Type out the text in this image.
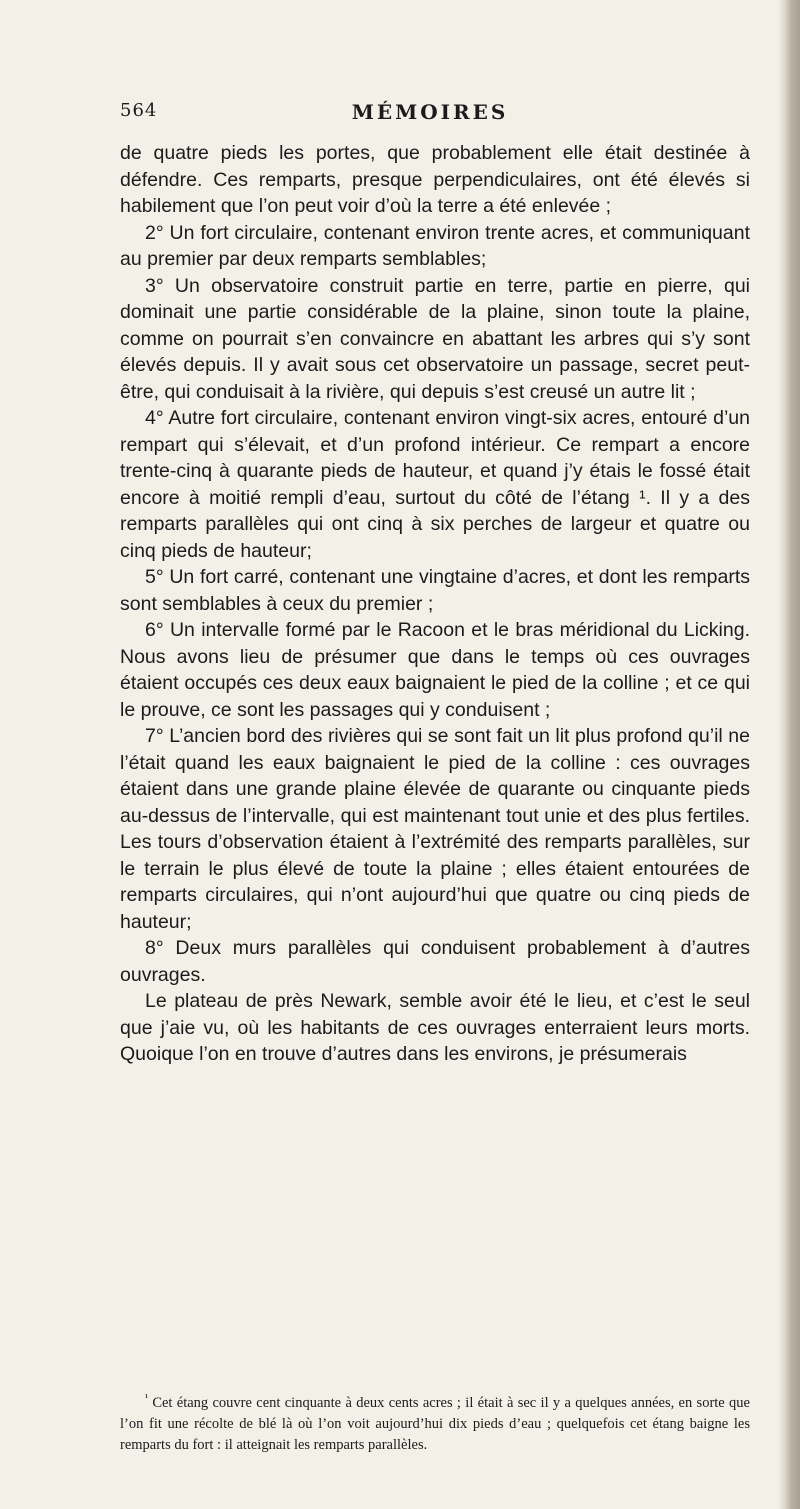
564	MÉMOIRES

de quatre pieds les portes, que probablement elle était destinée à défendre. Ces remparts, presque perpendiculaires, ont été élevés si habilement que l’on peut voir d’où la terre a été enlevée ;

2° Un fort circulaire, contenant environ trente acres, et communiquant au premier par deux remparts semblables;

3° Un observatoire construit partie en terre, partie en pierre, qui dominait une partie considérable de la plaine, sinon toute la plaine, comme on pourrait s’en convaincre en abattant les arbres qui s’y sont élevés depuis. Il y avait sous cet observatoire un passage, secret peut-être, qui conduisait à la rivière, qui depuis s’est creusé un autre lit ;

4° Autre fort circulaire, contenant environ vingt-six acres, entouré d’un rempart qui s’élevait, et d’un profond intérieur. Ce rempart a encore trente-cinq à quarante pieds de hauteur, et quand j’y étais le fossé était encore à moitié rempli d’eau, surtout du côté de l’étang ¹. Il y a des remparts parallèles qui ont cinq à six perches de largeur et quatre ou cinq pieds de hauteur;

5° Un fort carré, contenant une vingtaine d’acres, et dont les remparts sont semblables à ceux du premier ;

6° Un intervalle formé par le Racoon et le bras méridional du Licking. Nous avons lieu de présumer que dans le temps où ces ouvrages étaient occupés ces deux eaux baignaient le pied de la colline ; et ce qui le prouve, ce sont les passages qui y conduisent ;

7° L’ancien bord des rivières qui se sont fait un lit plus profond qu’il ne l’était quand les eaux baignaient le pied de la colline : ces ouvrages étaient dans une grande plaine élevée de quarante ou cinquante pieds au-dessus de l’intervalle, qui est maintenant tout unie et des plus fertiles. Les tours d’observation étaient à l’extrémité des remparts parallèles, sur le terrain le plus élevé de toute la plaine ; elles étaient entourées de remparts circulaires, qui n’ont aujourd’hui que quatre ou cinq pieds de hauteur;

8° Deux murs parallèles qui conduisent probablement à d’autres ouvrages.

Le plateau de près Newark, semble avoir été le lieu, et c’est le seul que j’aie vu, où les habitants de ces ouvrages enterraient leurs morts. Quoique l’on en trouve d’autres dans les environs, je présumerais

$^{^1}$ Cet étang couvre cent cinquante à deux cents acres ; il était à sec il y a quelques années, en sorte que l’on fit une récolte de blé là où l’on voit aujourd’hui dix pieds d’eau ; quelquefois cet étang baigne les remparts du fort : il atteignait les remparts parallèles.
